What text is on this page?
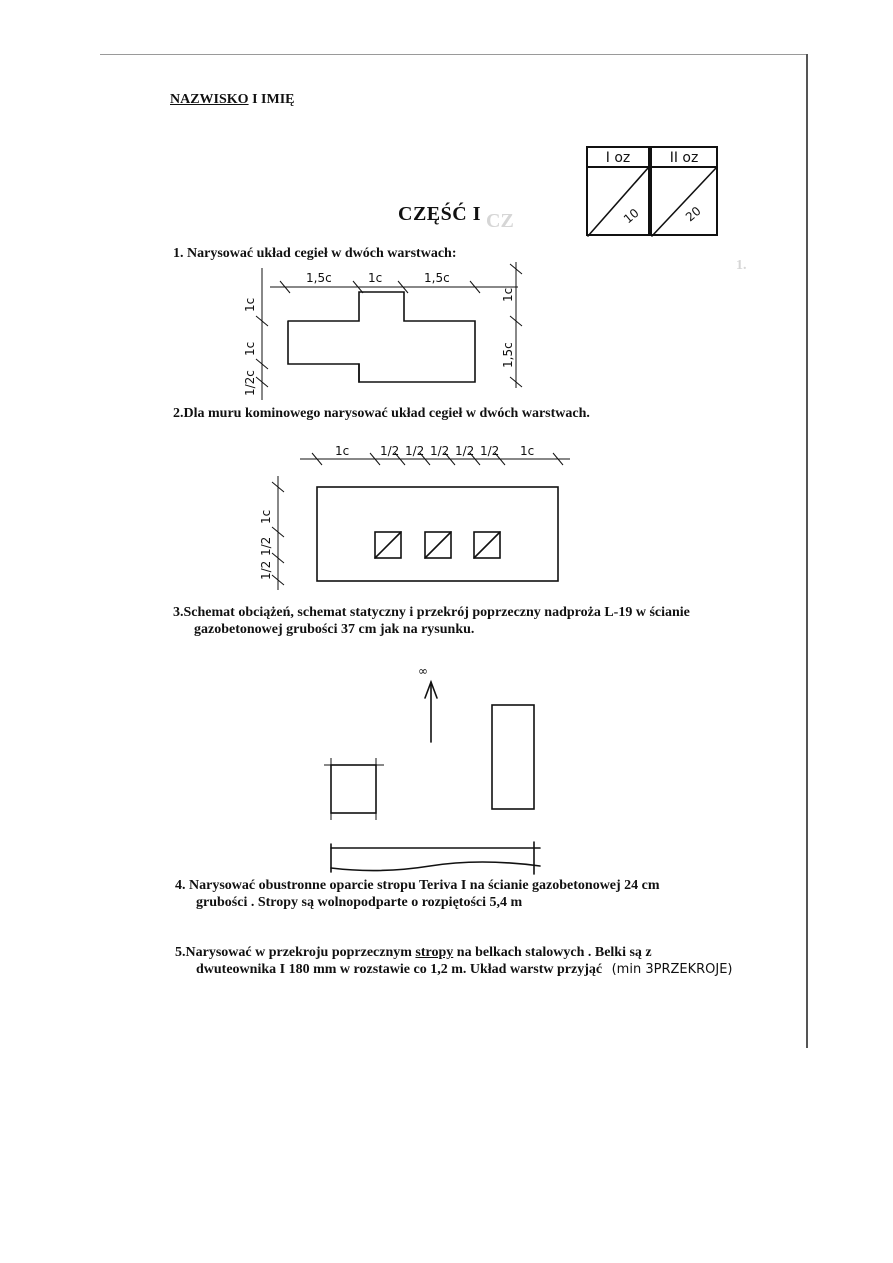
CZ
1.
NAZWISKO I IMIĘ
I oz	II oz
10	20
CZĘŚĆ I
1. Narysować układ cegieł w dwóch warstwach:
1,5c	1c	1,5c
1c
1c
1/2c
1c
1,5c
2.Dla muru kominowego narysować układ cegieł w dwóch warstwach.
1c	1/2 1/2 1/2 1/2 1/2 1c
1c
1/2
1/2
3.Schemat obciążeń, schemat statyczny i przekrój poprzeczny nadproża L-19 w ścianie
gazobetonowej grubości 37 cm jak na rysunku.
∞
4. Narysować obustronne oparcie stropu Teriva I na ścianie gazobetonowej 24 cm
grubości . Stropy są wolnopodparte o rozpiętości 5,4 m
5.Narysować w przekroju poprzecznym stropy na belkach stalowych . Belki są z
dwuteownika I 180 mm w rozstawie co 1,2 m. Układ warstw przyjąć (min 3PRZEKROJE)
